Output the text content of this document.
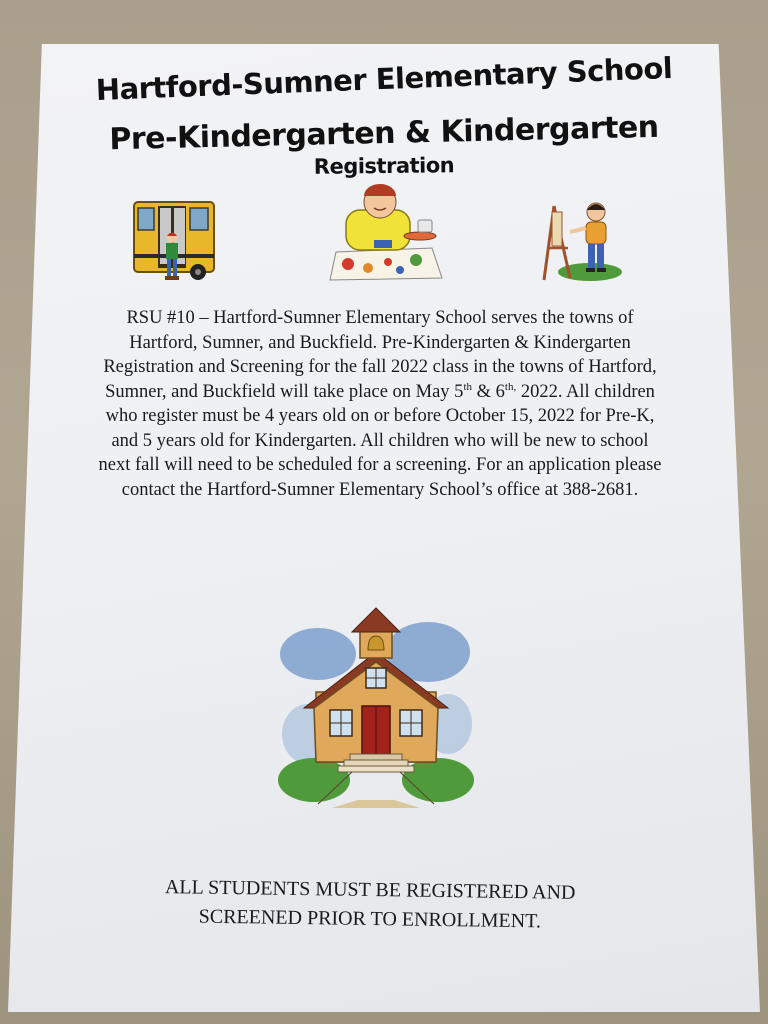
Hartford-Sumner Elementary School
Pre-Kindergarten & Kindergarten
Registration
RSU #10 – Hartford-Sumner Elementary School serves the towns of Hartford, Sumner, and Buckfield. Pre-Kindergarten & Kindergarten Registration and Screening for the fall 2022 class in the towns of Hartford, Sumner, and Buckfield will take place on May 5th & $6^{th,}$ 2022. All children who register must be 4 years old on or before October 15, 2022 for Pre-K, and 5 years old for Kindergarten. All children who will be new to school next fall will need to be scheduled for a screening. For an application please contact the Hartford-Sumner Elementary School’s office at 388-2681.
ALL STUDENTS MUST BE REGISTERED AND
SCREENED PRIOR TO ENROLLMENT.
